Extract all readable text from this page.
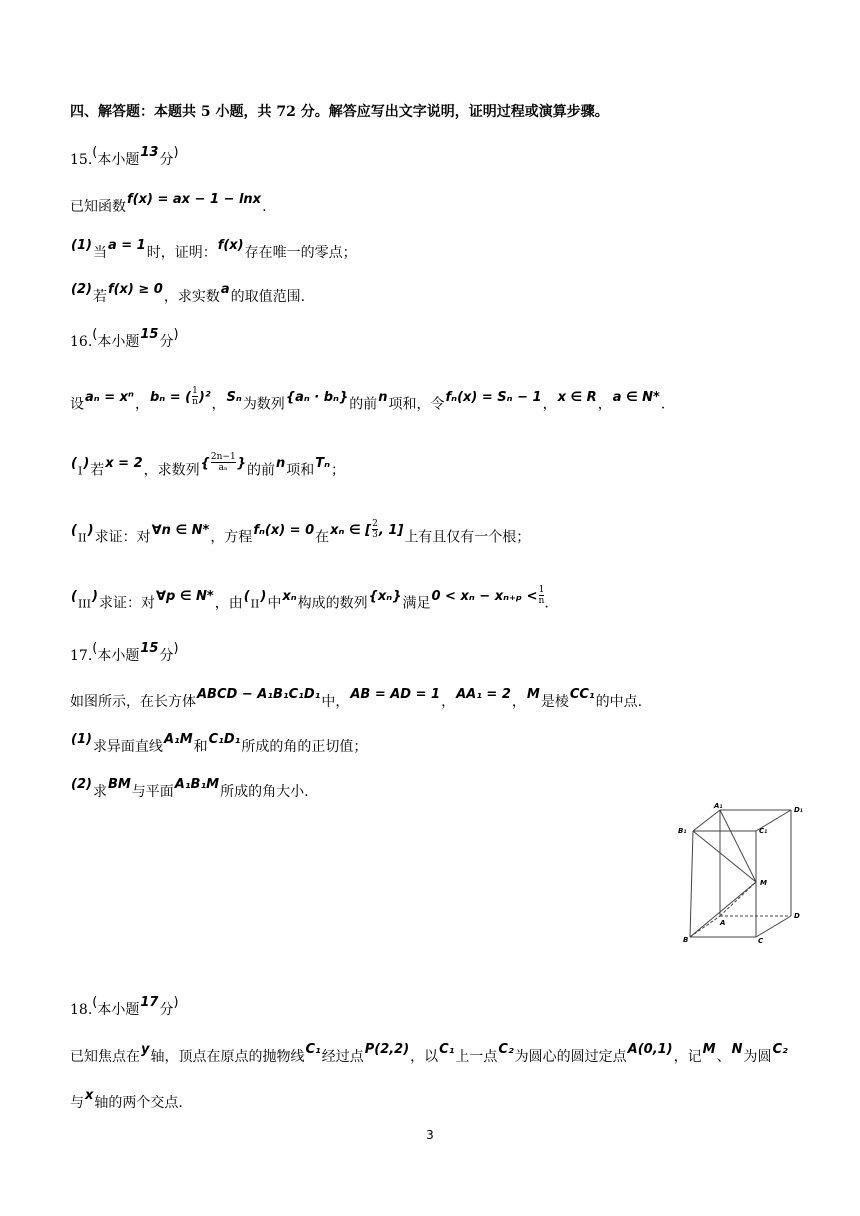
四、解答题：本题共 5 小题，共 72 分。解答应写出文字说明，证明过程或演算步骤。
15.(本小题13分)
已知函数f(x) = ax − 1 − lnx.
(1)当a = 1时，证明：f(x)存在唯一的零点；
(2)若f(x) ≥ 0，求实数a的取值范围.
16.(本小题15分)
设aₙ = xⁿ，bₙ = ( $\frac{1}{n} )^2$，Sₙ为数列{aₙ · bₙ}的前n项和，令fₙ(x) = Sₙ − 1，x ∈ R，a ∈ N*.
(I)若x = 2，求数列{ $\frac{2n-1}{\text{aₙ}}$ }的前n项和Tₙ；
(II)求证：对∀n ∈ N*，方程fₙ(x) = 0在xₙ ∈ [ $\frac{2}{3}$ , 1]上有且仅有一个根；
(III)求证：对∀p ∈ N*，由(II)中xₙ构成的数列{xₙ}满足$0 < x_n - x_{n+p} < \frac{1}{n}$ .
17.(本小题15分)
如图所示，在长方体ABCD − A₁B₁C₁D₁中，AB = AD = 1，AA₁ = 2，M是棱CC₁的中点.
(1)求异面直线A₁M和C₁D₁所成的角的正切值；
(2)求BM与平面A₁B₁M所成的角大小.
A₁	D₁
B₁	C₁
M
A
D
B	C
18.(本小题17分)
已知焦点在y轴，顶点在原点的抛物线C₁经过点P(2,2)，以C₁上一点C₂为圆心的圆过定点A(0,1)，记M、N为圆C₂
与x轴的两个交点.
3
